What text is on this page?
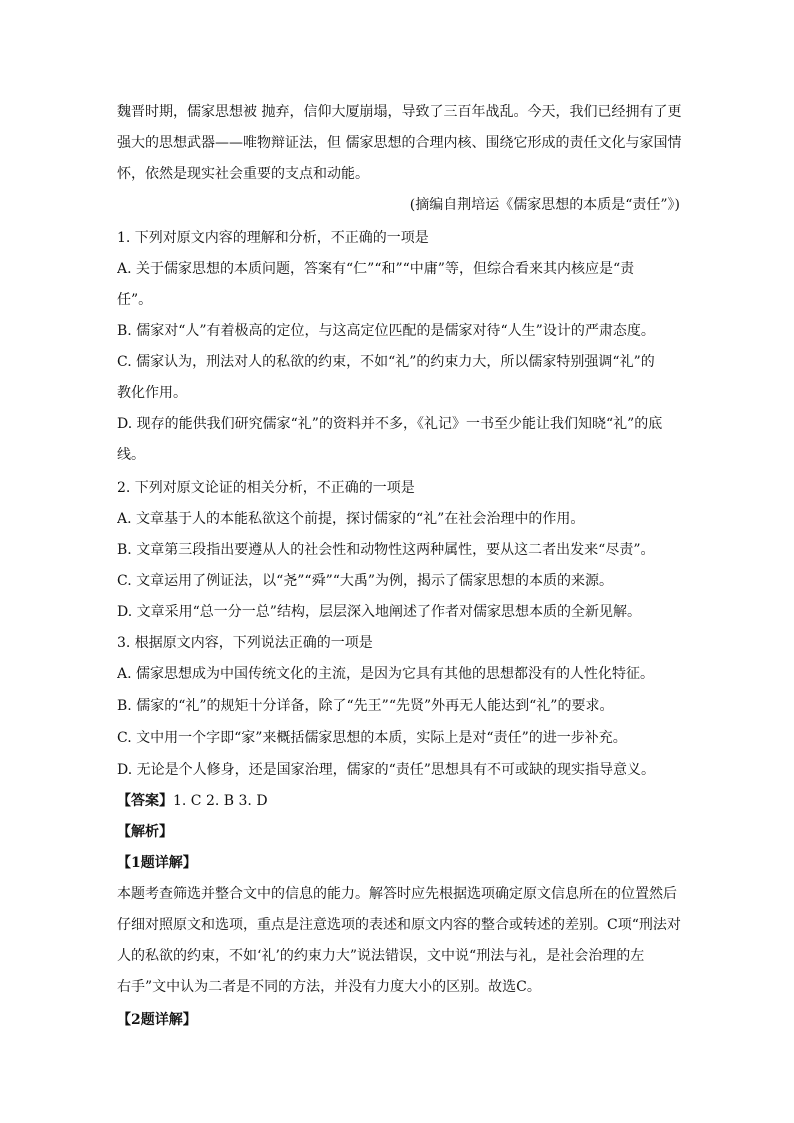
魏晋时期，儒家思想被 抛弃，信仰大厦崩塌，导致了三百年战乱。今天，我们已经拥有了更
强大的思想武器——唯物辩证法，但 儒家思想的合理内核、围绕它形成的责任文化与家国情
怀，依然是现实社会重要的支点和动能。
(摘编自荆培运《儒家思想的本质是“责任”》)
1. 下列对原文内容的理解和分析，不正确的一项是
A. 关于儒家思想的本质问题，答案有“仁”“和”“中庸”等，但综合看来其内核应是“责
任”。
B. 儒家对“人”有着极高的定位，与这高定位匹配的是儒家对待“人生”设计的严肃态度。
C. 儒家认为，刑法对人的私欲的约束，不如“礼”的约束力大，所以儒家特别强调“礼”的
教化作用。
D. 现存的能供我们研究儒家“礼”的资料并不多，《礼记》一书至少能让我们知晓“礼”的底
线。
2. 下列对原文论证的相关分析，不正确的一项是
A. 文章基于人的本能私欲这个前提，探讨儒家的“礼”在社会治理中的作用。
B. 文章第三段指出要遵从人的社会性和动物性这两种属性，要从这二者出发来“尽责”。
C. 文章运用了例证法，以“尧”“舜”“大禹”为例，揭示了儒家思想的本质的来源。
D. 文章采用“总一分一总”结构，层层深入地阐述了作者对儒家思想本质的全新见解。
3. 根据原文内容，下列说法正确的一项是
A. 儒家思想成为中国传统文化的主流，是因为它具有其他的思想都没有的人性化特征。
B. 儒家的“礼”的规矩十分详备，除了“先王”“先贤”外再无人能达到“礼”的要求。
C. 文中用一个字即“家”来概括儒家思想的本质，实际上是对“责任”的进一步补充。
D. 无论是个人修身，还是国家治理，儒家的“责任”思想具有不可或缺的现实指导意义。
【答案】1. C 2. B 3. D
【解析】
【1题详解】
本题考查筛选并整合文中的信息的能力。解答时应先根据选项确定原文信息所在的位置然后
仔细对照原文和选项，重点是注意选项的表述和原文内容的整合或转述的差别。C项“刑法对
人的私欲的约束，不如‘礼’的约束力大”说法错误，文中说“刑法与礼，是社会治理的左
右手”文中认为二者是不同的方法，并没有力度大小的区别。故选C。
【2题详解】
